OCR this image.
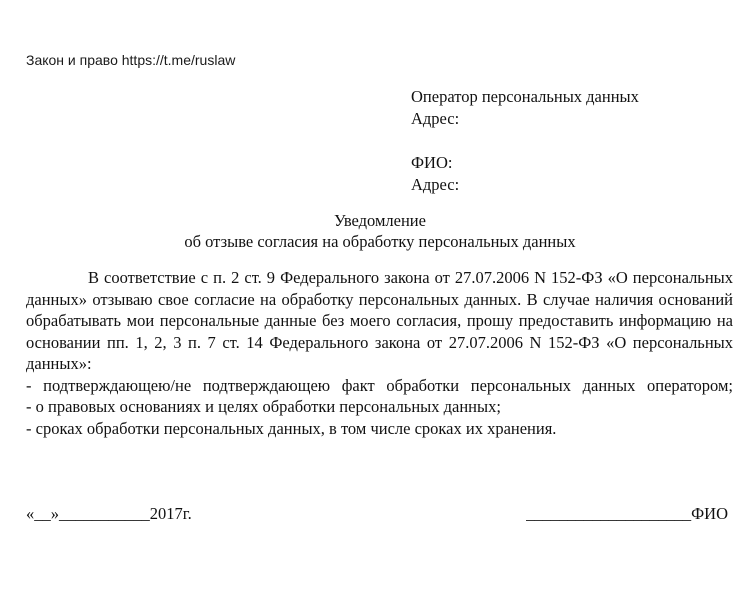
Закон и право https://t.me/ruslaw
Оператор персональных данных
Адрес:
ФИО:
Адрес:
Уведомление
об отзыве согласия на обработку персональных данных

В соответствие с п. 2 ст. 9 Федерального закона от 27.07.2006 N 152-ФЗ «О персональных данных» отзываю свое согласие на обработку персональных данных. В случае наличия оснований обрабатывать мои персональные данные без моего согласия, прошу предоставить информацию на основании пп. 1, 2, 3 п. 7 ст. 14 Федерального закона от 27.07.2006 N 152-ФЗ «О персональных данных»:

- подтверждающею/не подтверждающею факт обработки персональных данных оператором;

- о правовых основаниях и целях обработки персональных данных;

- сроках обработки персональных данных, в том числе сроках их хранения.

«__»___________2017г.	____________________ФИО
